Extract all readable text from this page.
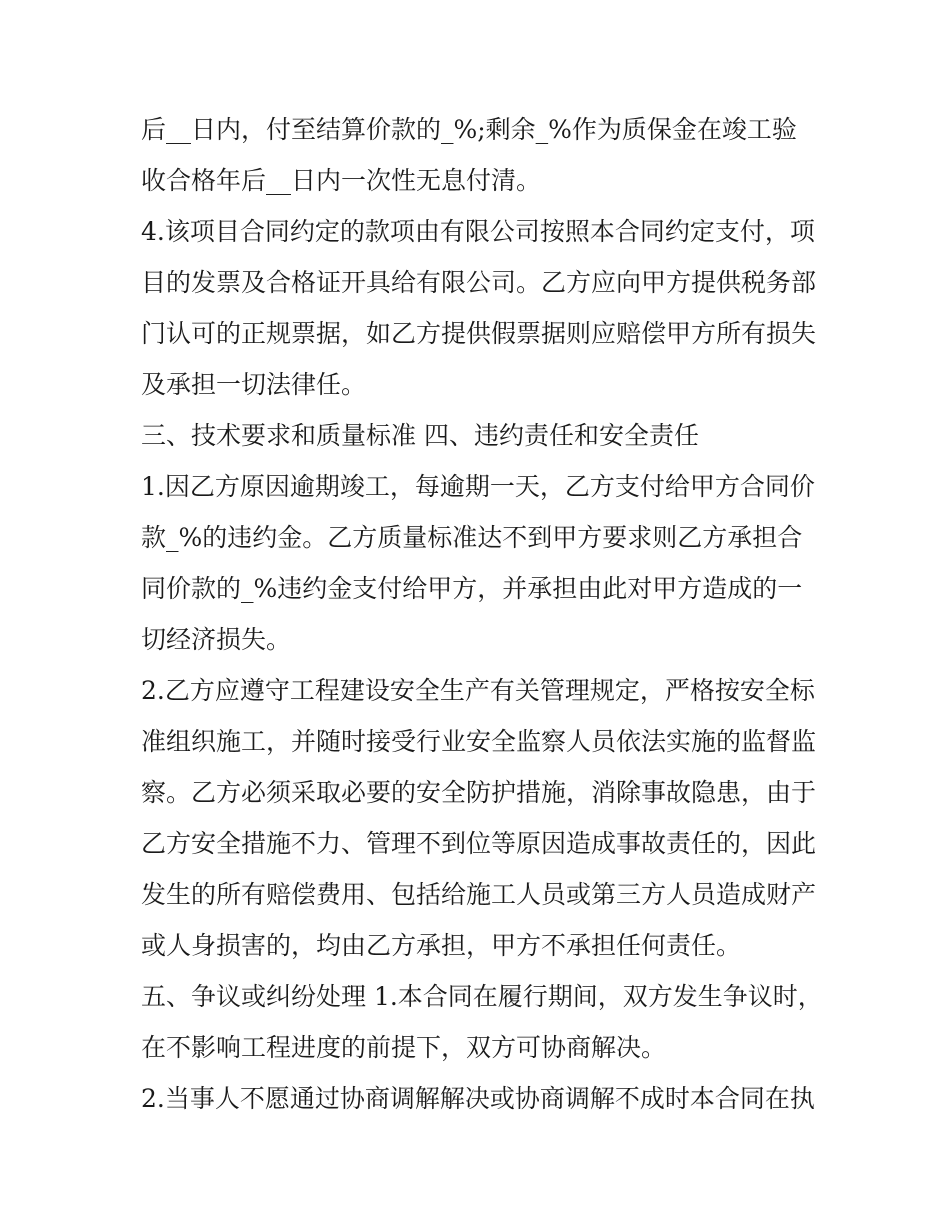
后__日内，付至结算价款的_%;剩余_%作为质保金在竣工验
收合格年后__日内一次性无息付清。
4.该项目合同约定的款项由有限公司按照本合同约定支付，项
目的发票及合格证开具给有限公司。乙方应向甲方提供税务部
门认可的正规票据，如乙方提供假票据则应赔偿甲方所有损失
及承担一切法律任。
三、技术要求和质量标准 四、违约责任和安全责任
1.因乙方原因逾期竣工，每逾期一天，乙方支付给甲方合同价
款_%的违约金。乙方质量标准达不到甲方要求则乙方承担合
同价款的_%违约金支付给甲方，并承担由此对甲方造成的一
切经济损失。
2.乙方应遵守工程建设安全生产有关管理规定，严格按安全标
准组织施工，并随时接受行业安全监察人员依法实施的监督监
察。乙方必须采取必要的安全防护措施，消除事故隐患，由于
乙方安全措施不力、管理不到位等原因造成事故责任的，因此
发生的所有赔偿费用、包括给施工人员或第三方人员造成财产
或人身损害的，均由乙方承担，甲方不承担任何责任。
五、争议或纠纷处理 1.本合同在履行期间，双方发生争议时，
在不影响工程进度的前提下，双方可协商解决。
2.当事人不愿通过协商调解解决或协商调解不成时本合同在执
